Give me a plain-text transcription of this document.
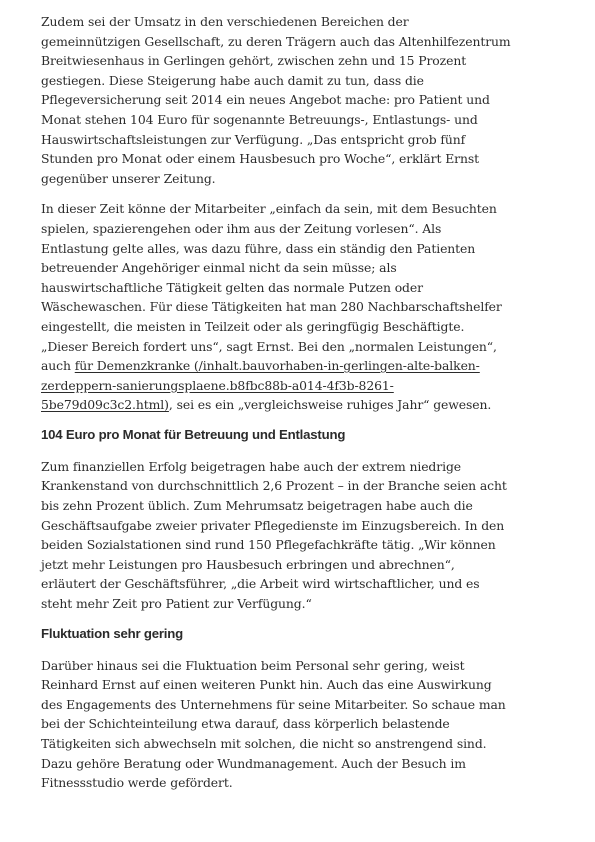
Zudem sei der Umsatz in den verschiedenen Bereichen der gemeinnützigen Gesellschaft, zu deren Trägern auch das Altenhilfezentrum Breitwiesenhaus in Gerlingen gehört, zwischen zehn und 15 Prozent gestiegen. Diese Steigerung habe auch damit zu tun, dass die Pflegeversicherung seit 2014 ein neues Angebot mache: pro Patient und Monat stehen 104 Euro für sogenannte Betreuungs-, Entlastungs- und Hauswirtschaftsleistungen zur Verfügung. „Das entspricht grob fünf Stunden pro Monat oder einem Hausbesuch pro Woche“, erklärt Ernst gegenüber unserer Zeitung.

In dieser Zeit könne der Mitarbeiter „einfach da sein, mit dem Besuchten spielen, spazierengehen oder ihm aus der Zeitung vorlesen“. Als Entlastung gelte alles, was dazu führe, dass ein ständig den Patienten betreuender Angehöriger einmal nicht da sein müsse; als hauswirtschaftliche Tätigkeit gelten das normale Putzen oder Wäschewaschen. Für diese Tätigkeiten hat man 280 Nachbarschaftshelfer eingestellt, die meisten in Teilzeit oder als geringfügig Beschäftigte. „Dieser Bereich fordert uns“, sagt Ernst. Bei den „normalen Leistungen“, auch für Demenzkranke (/inhalt.bauvorhaben-in-gerlingen-alte-balken-zerdeppern-sanierungsplaene.b8fbc88b-a014-4f3b-8261-5be79d09c3c2.html), sei es ein „vergleichsweise ruhiges Jahr“ gewesen.

104 Euro pro Monat für Betreuung und Entlastung

Zum finanziellen Erfolg beigetragen habe auch der extrem niedrige Krankenstand von durchschnittlich 2,6 Prozent – in der Branche seien acht bis zehn Prozent üblich. Zum Mehrumsatz beigetragen habe auch die Geschäftsaufgabe zweier privater Pflegedienste im Einzugsbereich. In den beiden Sozialstationen sind rund 150 Pflegefachkräfte tätig. „Wir können jetzt mehr Leistungen pro Hausbesuch erbringen und abrechnen“, erläutert der Geschäftsführer, „die Arbeit wird wirtschaftlicher, und es steht mehr Zeit pro Patient zur Verfügung.“

Fluktuation sehr gering

Darüber hinaus sei die Fluktuation beim Personal sehr gering, weist Reinhard Ernst auf einen weiteren Punkt hin. Auch das eine Auswirkung des Engagements des Unternehmens für seine Mitarbeiter. So schaue man bei der Schichteinteilung etwa darauf, dass körperlich belastende Tätigkeiten sich abwechseln mit solchen, die nicht so anstrengend sind. Dazu gehöre Beratung oder Wundmanagement. Auch der Besuch im Fitnessstudio werde gefördert.
